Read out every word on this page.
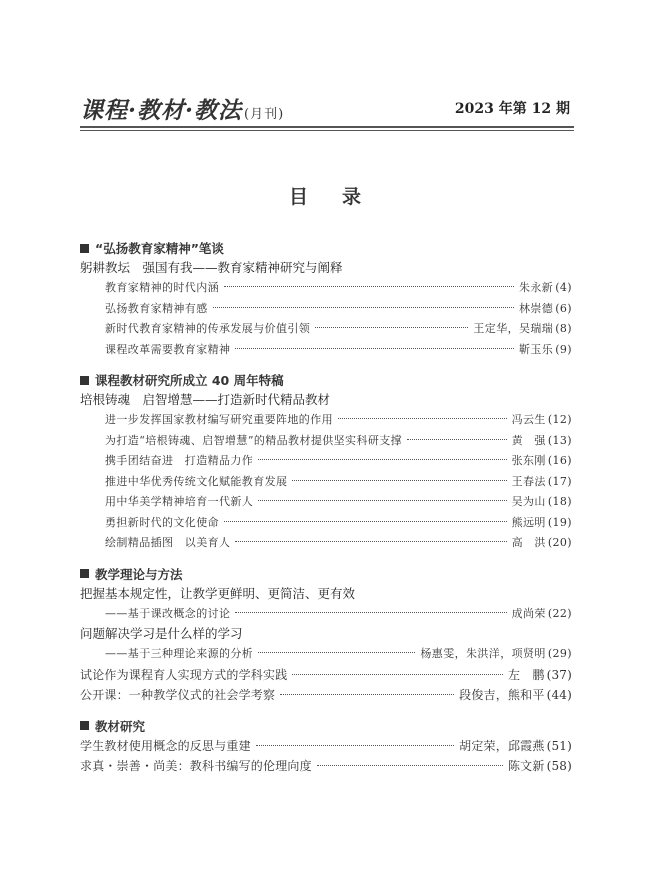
课程·教材·教法 (月刊)	2023 年第 12 期
目录
“弘扬教育家精神”笔谈
躬耕教坛　强国有我——教育家精神研究与阐释
教育家精神的时代内涵	朱永新 (4)
弘扬教育家精神有感	林崇德 (6)
新时代教育家精神的传承发展与价值引领	王定华，吴瑞瑞 (8)
课程改革需要教育家精神	靳玉乐 (9)
课程教材研究所成立 40 周年特稿
培根铸魂　启智增慧——打造新时代精品教材
进一步发挥国家教材编写研究重要阵地的作用	冯云生 (12)
为打造“培根铸魂、启智增慧”的精品教材提供坚实科研支撑	黄　强 (13)
携手团结奋进　打造精品力作	张东刚 (16)
推进中华优秀传统文化赋能教育发展	王春法 (17)
用中华美学精神培育一代新人	吴为山 (18)
勇担新时代的文化使命	熊远明 (19)
绘制精品插图　以美育人	高　洪 (20)
教学理论与方法
把握基本规定性，让教学更鲜明、更简洁、更有效
——基于课改概念的讨论	成尚荣 (22)
问题解决学习是什么样的学习
——基于三种理论来源的分析	杨惠雯，朱洪洋，项贤明 (29)
试论作为课程育人实现方式的学科实践	左　鹏 (37)
公开课：一种教学仪式的社会学考察	段俊吉，熊和平 (44)
教材研究
学生教材使用概念的反思与重建	胡定荣，邱霞燕 (51)
求真・崇善・尚美：教科书编写的伦理向度	陈文新 (58)
